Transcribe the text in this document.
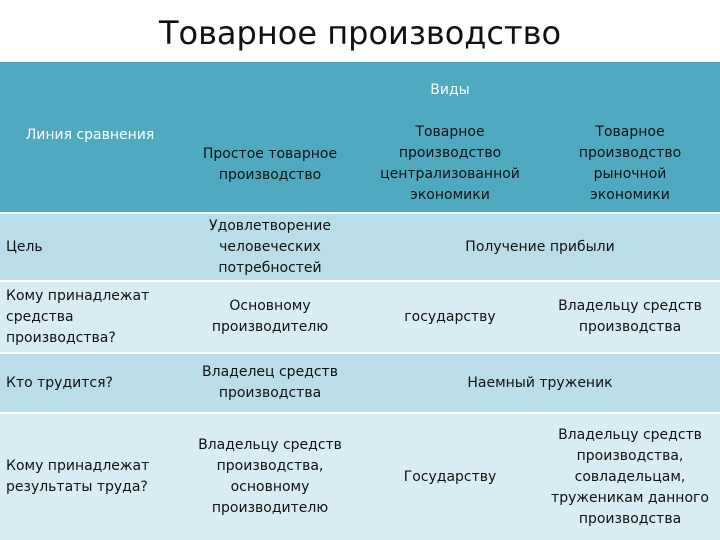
Товарное производство
Виды
Линия сравнения
Простое товарное
производство
Товарное
производство
централизованной
экономики
Товарное
производство
рыночной
экономики
Цель
Удовлетворение
человеческих
потребностей
Получение прибыли
Кому принадлежат
средства
производства?
Основному
производителю
государству
Владельцу средств
производства
Кто трудится?
Владелец средств
производства
Наемный труженик
Кому принадлежат
результаты труда?
Владельцу средств
производства,
основному
производителю
Государству
Владельцу средств
производства,
совладельцам,
труженикам данного
производства
